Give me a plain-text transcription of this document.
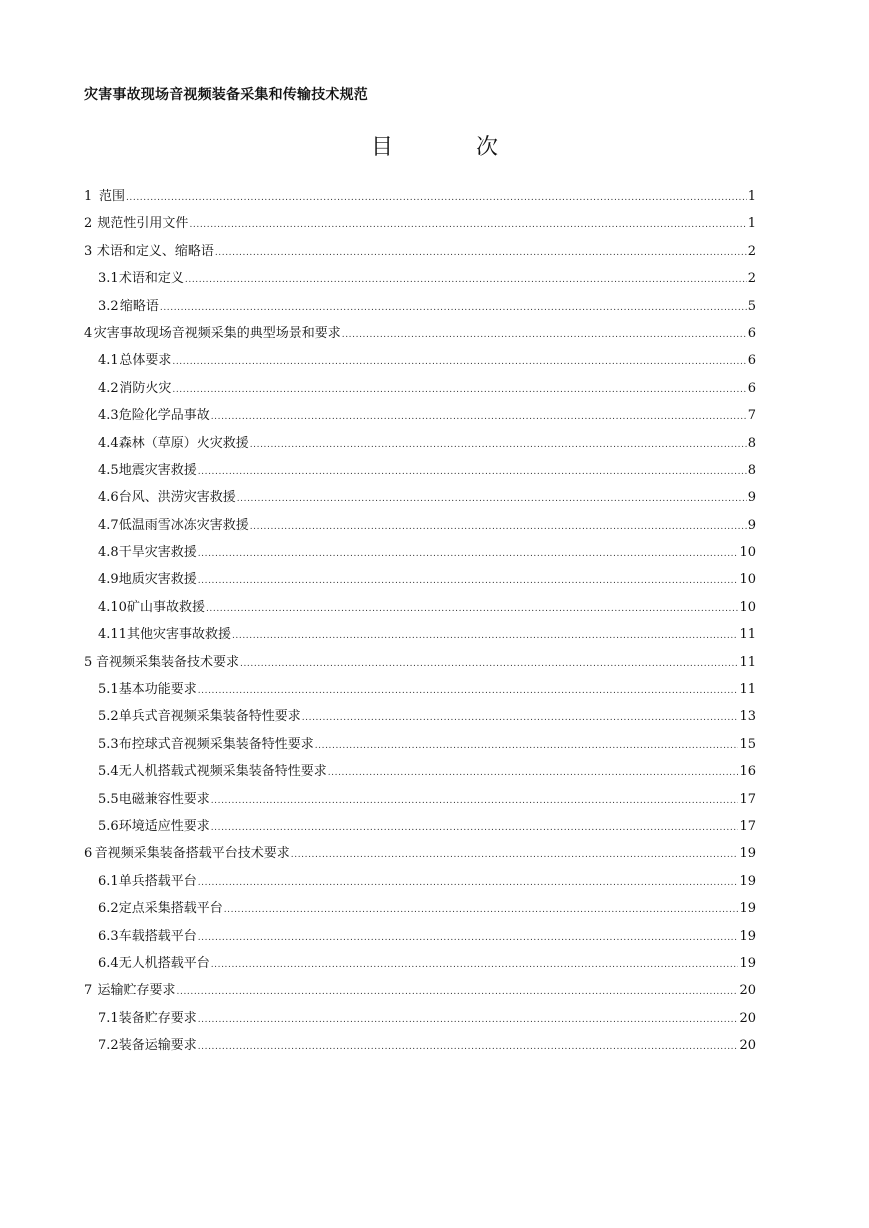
灾害事故现场音视频装备采集和传输技术规范
目 次
1 范围 .....	1
2 规范性引用文件 .....	1
3 术语和定义、缩略语 .....	2
3.1 术语和定义 .....	2
3.2 缩略语 .....	5
4 灾害事故现场音视频采集的典型场景和要求 .....	6
4.1 总体要求 .....	6
4.2 消防火灾 .....	6
4.3 危险化学品事故 .....	7
4.4 森林（草原）火灾救援 .....	8
4.5 地震灾害救援 .....	8
4.6 台风、洪涝灾害救援 .....	9
4.7 低温雨雪冰冻灾害救援 .....	9
4.8 干旱灾害救援 .....	10
4.9 地质灾害救援 .....	10
4.10 矿山事故救援 .....	10
4.11 其他灾害事故救援 .....	11
5 音视频采集装备技术要求 .....	11
5.1 基本功能要求 .....	11
5.2 单兵式音视频采集装备特性要求 .....	13
5.3 布控球式音视频采集装备特性要求 .....	15
5.4 无人机搭载式视频采集装备特性要求 .....	16
5.5 电磁兼容性要求 .....	17
5.6 环境适应性要求 .....	17
6 音视频采集装备搭载平台技术要求 .....	19
6.1 单兵搭载平台 .....	19
6.2 定点采集搭载平台 .....	19
6.3 车载搭载平台 .....	19
6.4 无人机搭载平台 .....	19
7 运输贮存要求 .....	20
7.1 装备贮存要求 .....	20
7.2 装备运输要求 .....	20
